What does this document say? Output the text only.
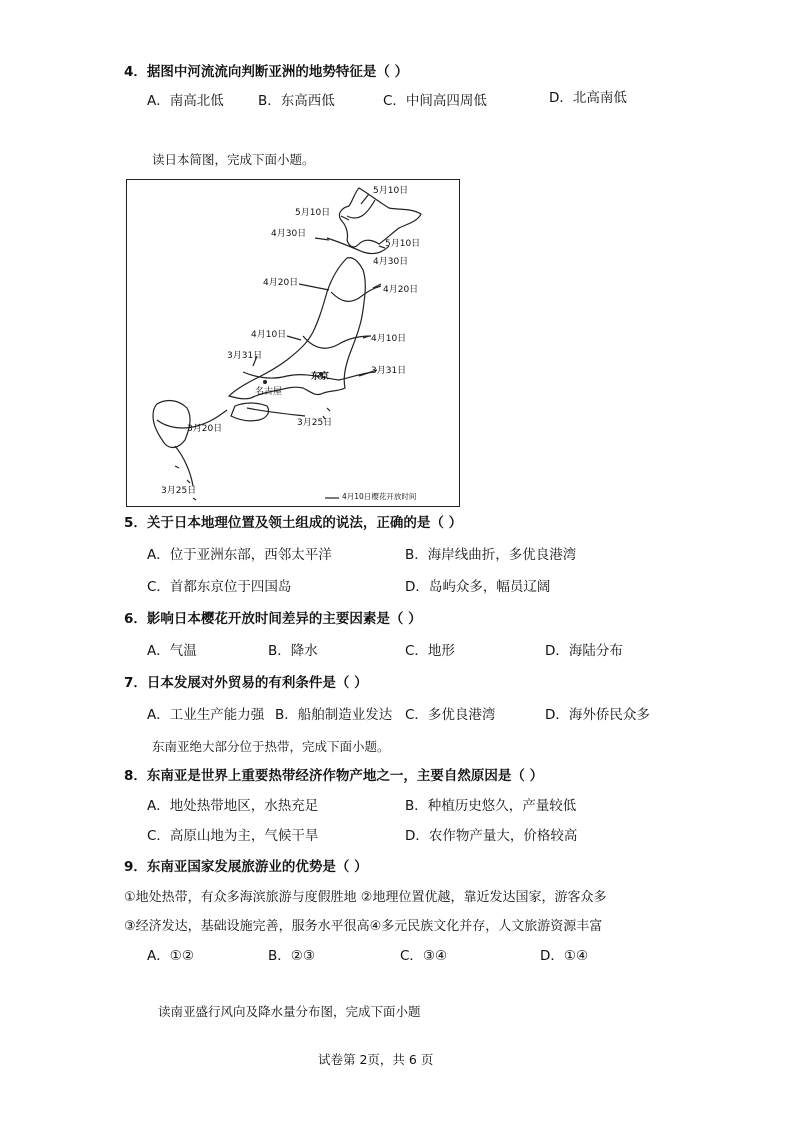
4．据图中河流流向判断亚洲的地势特征是（ ）
A．南高北低	B．东高西低	C．中间高四周低	D．北高南低
读日本简图，完成下面小题。
5月10日
5月10日
4月30日
5月10日
4月30日
4月20日
4月20日
4月10日	4月10日
3月31日
3月31日
名古屋
东京
3月20日
3月25日
3月25日
4月10日樱花开放时间
5．关于日本地理位置及领土组成的说法，正确的是（ ）
A．位于亚洲东部，西邻太平洋	B．海岸线曲折，多优良港湾
C．首都东京位于四国岛	D．岛屿众多，幅员辽阔
6．影响日本樱花开放时间差异的主要因素是（ ）
A．气温	B．降水	C．地形	D．海陆分布
7．日本发展对外贸易的有利条件是（ ）
A．工业生产能力强 B．船舶制造业发达 C．多优良港湾	D．海外侨民众多
东南亚绝大部分位于热带，完成下面小题。
8．东南亚是世界上重要热带经济作物产地之一，主要自然原因是（ ）
A．地处热带地区，水热充足	B．种植历史悠久，产量较低
C．高原山地为主，气候干旱	D．农作物产量大，价格较高
9．东南亚国家发展旅游业的优势是（ ）
①地处热带，有众多海滨旅游与度假胜地 ②地理位置优越，靠近发达国家，游客众多
③经济发达，基础设施完善，服务水平很高④多元民族文化并存，人文旅游资源丰富
A．①②	B．②③	C．③④	D．①④
读南亚盛行风向及降水量分布图，完成下面小题
试卷第 2页，共 6 页
